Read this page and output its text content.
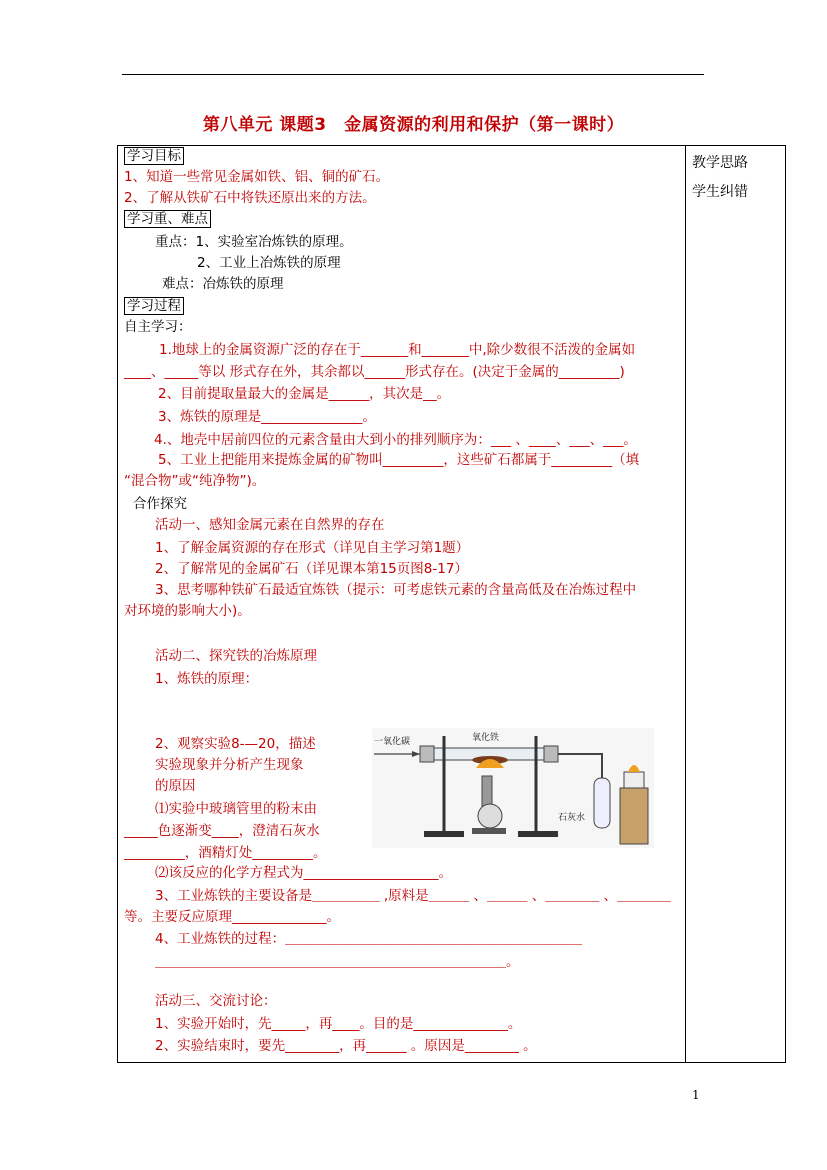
第八单元 课题3　金属资源的利用和保护（第一课时）
教学思路
学生纠错
学习目标
1、知道一些常见金属如铁、铝、铜的矿石。
2、了解从铁矿石中将铁还原出来的方法。
学习重、难点
重点：1、实验室冶炼铁的原理。
2、工业上冶炼铁的原理
难点：冶炼铁的原理
学习过程
自主学习：
1.地球上的金属资源广泛的存在于_______和_______中,除少数很不活泼的金属如
____、_____等以 形式存在外，其余都以______形式存在。(决定于金属的_________)
2、目前提取量最大的金属是______，其次是__。
3、炼铁的原理是_______________。
4.、地壳中居前四位的元素含量由大到小的排列顺序为：___ 、____、___、___。
5、工业上把能用来提炼金属的矿物叫_________，这些矿石都属于_________（填
“混合物”或“纯净物”)。
合作探究
活动一、感知金属元素在自然界的存在
1、了解金属资源的存在形式（详见自主学习第1题）
2、了解常见的金属矿石（详见课本第15页图8-17）
3、思考哪种铁矿石最适宜炼铁（提示：可考虑铁元素的含量高低及在冶炼过程中
对环境的影响大小)。
活动二、探究铁的冶炼原理
1、炼铁的原理：
2、观察实验8-—20，描述
实验现象并分析产生现象
的原因
⑴实验中玻璃管里的粉末由
_____色逐渐变____，澄清石灰水
_________，酒精灯处_________。
⑵该反应的化学方程式为____________________。
3、工业炼铁的主要设备是＿＿＿＿＿ ,原料是＿＿＿ 、＿＿＿ 、＿＿＿＿ 、＿＿＿＿
等。主要反应原理______________。
4、工业炼铁的过程：＿＿＿＿＿＿＿＿＿＿＿＿＿＿＿＿＿＿＿＿＿＿
＿＿＿＿＿＿＿＿＿＿＿＿＿＿＿＿＿＿＿＿＿＿＿＿＿＿。
活动三、交流讨论：
1、实验开始时，先_____，再____。目的是______________。
2、实验结束时，要先________，再______ 。原因是________ 。
一氧化碳	氧化铁
石灰水
1
